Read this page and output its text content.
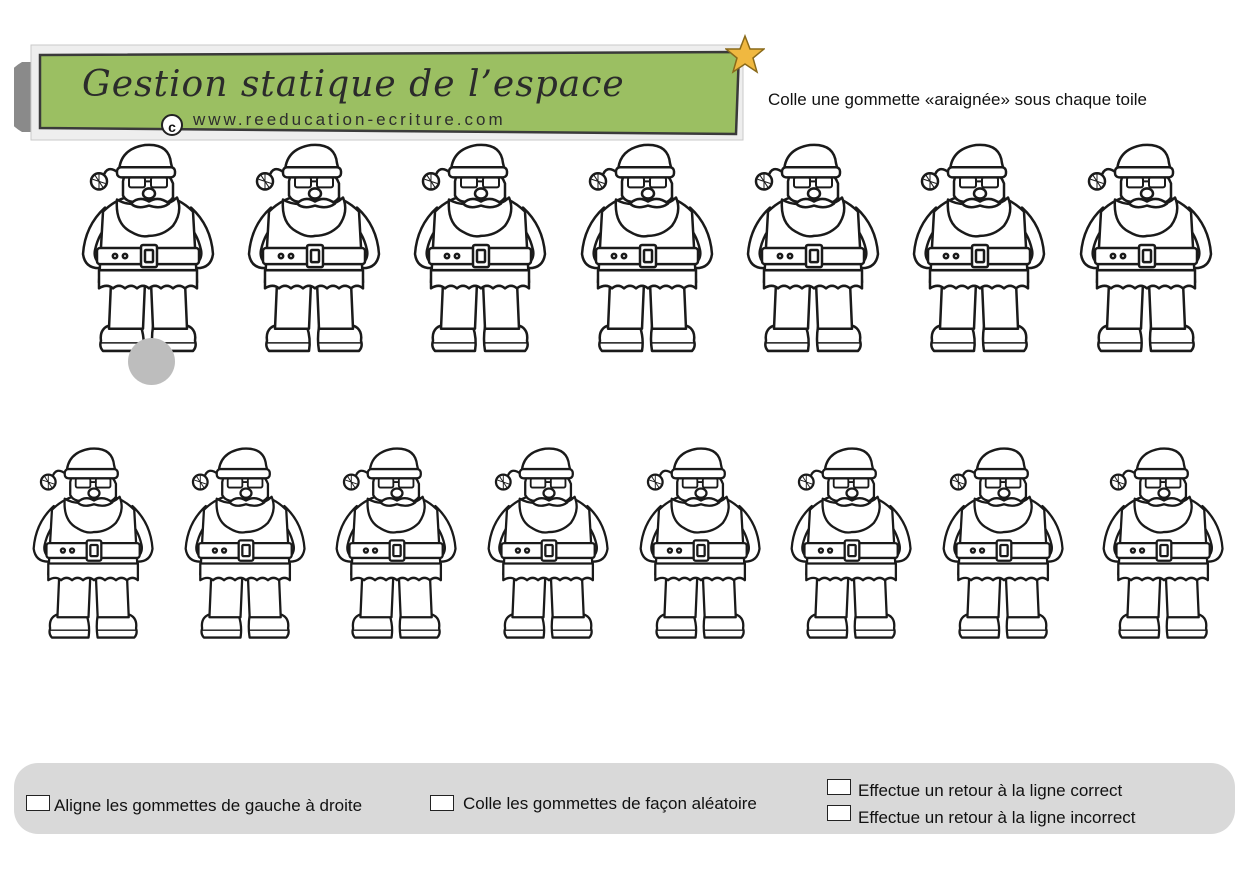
Gestion statique de l’espace
c	www.reeducation-ecriture.com
Colle une gommette «araignée» sous chaque toile
Aligne les gommettes de gauche à droite	Colle les gommettes de façon aléatoire
Effectue un retour à la ligne correct
Effectue un retour à la ligne incorrect
